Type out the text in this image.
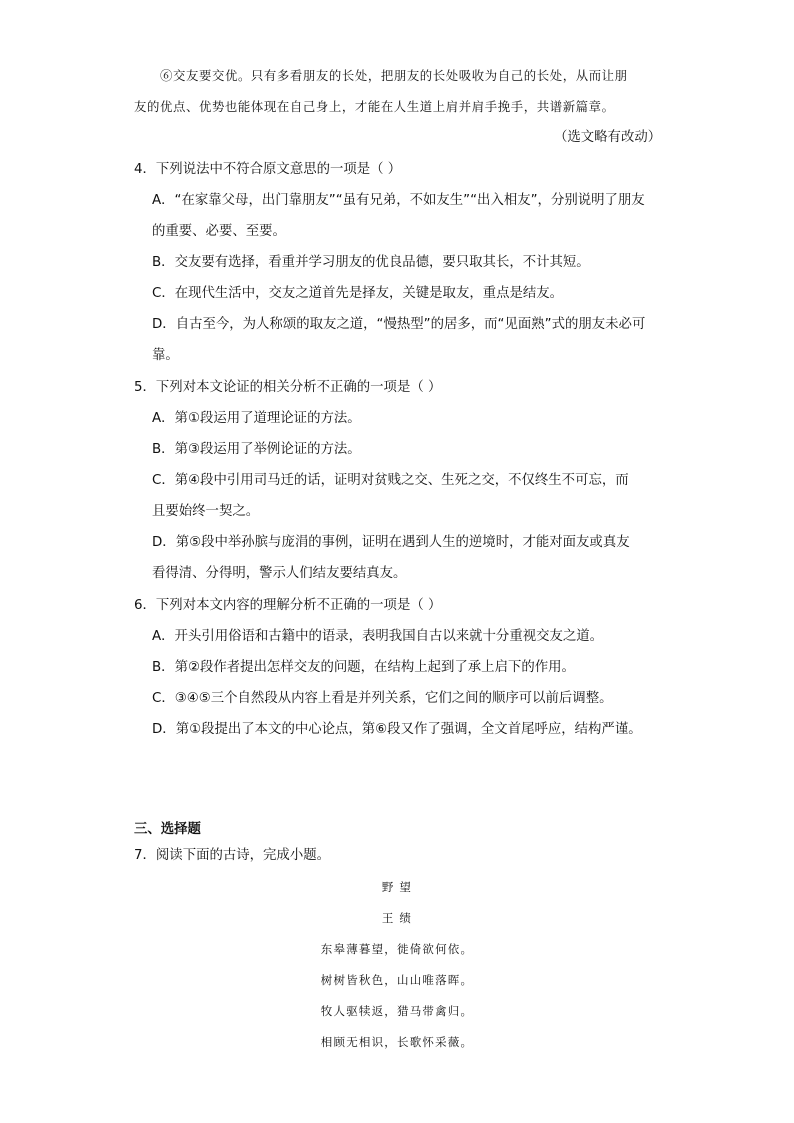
⑥交友要交优。只有多看朋友的长处，把朋友的长处吸收为自己的长处，从而让朋
友的优点、优势也能体现在自己身上，才能在人生道上肩并肩手挽手，共谱新篇章。
（选文略有改动）
4．下列说法中不符合原文意思的一项是（ ）
A．“在家靠父母，出门靠朋友”“虽有兄弟，不如友生”“出入相友”，分别说明了朋友
的重要、必要、至要。
B．交友要有选择，看重并学习朋友的优良品德，要只取其长，不计其短。
C．在现代生活中，交友之道首先是择友，关键是取友，重点是结友。
D．自古至今，为人称颂的取友之道，“慢热型”的居多，而“见面熟”式的朋友未必可
靠。
5．下列对本文论证的相关分析不正确的一项是（ ）
A．第①段运用了道理论证的方法。
B．第③段运用了举例论证的方法。
C．第④段中引用司马迁的话，证明对贫贱之交、生死之交，不仅终生不可忘，而
且要始终一契之。
D．第⑤段中举孙膑与庞涓的事例，证明在遇到人生的逆境时，才能对面友或真友
看得清、分得明，警示人们结友要结真友。
6．下列对本文内容的理解分析不正确的一项是（ ）
A．开头引用俗语和古籍中的语录，表明我国自古以来就十分重视交友之道。
B．第②段作者提出怎样交友的问题，在结构上起到了承上启下的作用。
C．③④⑤三个自然段从内容上看是并列关系，它们之间的顺序可以前后调整。
D．第①段提出了本文的中心论点，第⑥段又作了强调，全文首尾呼应，结构严谨。
三、选择题
7．阅读下面的古诗，完成小题。
野 望
王 绩
东皋薄暮望，徙倚欲何依。
树树皆秋色，山山唯落晖。
牧人驱犊返，猎马带禽归。
相顾无相识，长歌怀采薇。
